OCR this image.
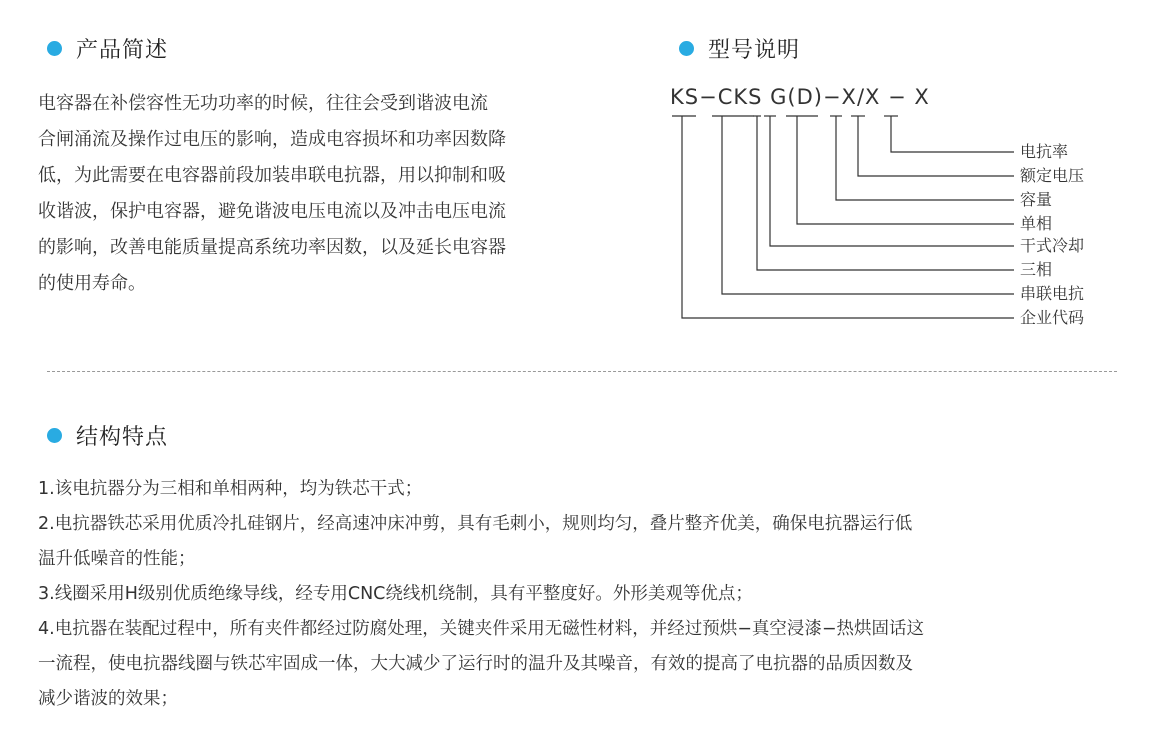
产品简述

电容器在补偿容性无功功率的时候，往往会受到谐波电流

合闸涌流及操作过电压的影响，造成电容损坏和功率因数降

低，为此需要在电容器前段加装串联电抗器，用以抑制和吸

收谐波，保护电容器，避免谐波电压电流以及冲击电压电流

的影响，改善电能质量提高系统功率因数，以及延长电容器

的使用寿命。

型号说明
KS−CKS G(D)−X/X − X
电抗率
额定电压
容量
单相
干式冷却
三相
串联电抗
企业代码
结构特点

1.该电抗器分为三相和单相两种，均为铁芯干式；

2.电抗器铁芯采用优质冷扎硅钢片，经高速冲床冲剪，具有毛刺小，规则均匀，叠片整齐优美，确保电抗器运行低

温升低噪音的性能；

3.线圈采用H级别优质绝缘导线，经专用CNC绕线机绕制，具有平整度好。外形美观等优点；

4.电抗器在装配过程中，所有夹件都经过防腐处理，关键夹件采用无磁性材料，并经过预烘−真空浸漆−热烘固话这

一流程，使电抗器线圈与铁芯牢固成一体，大大减少了运行时的温升及其噪音，有效的提高了电抗器的品质因数及

减少谐波的效果；
